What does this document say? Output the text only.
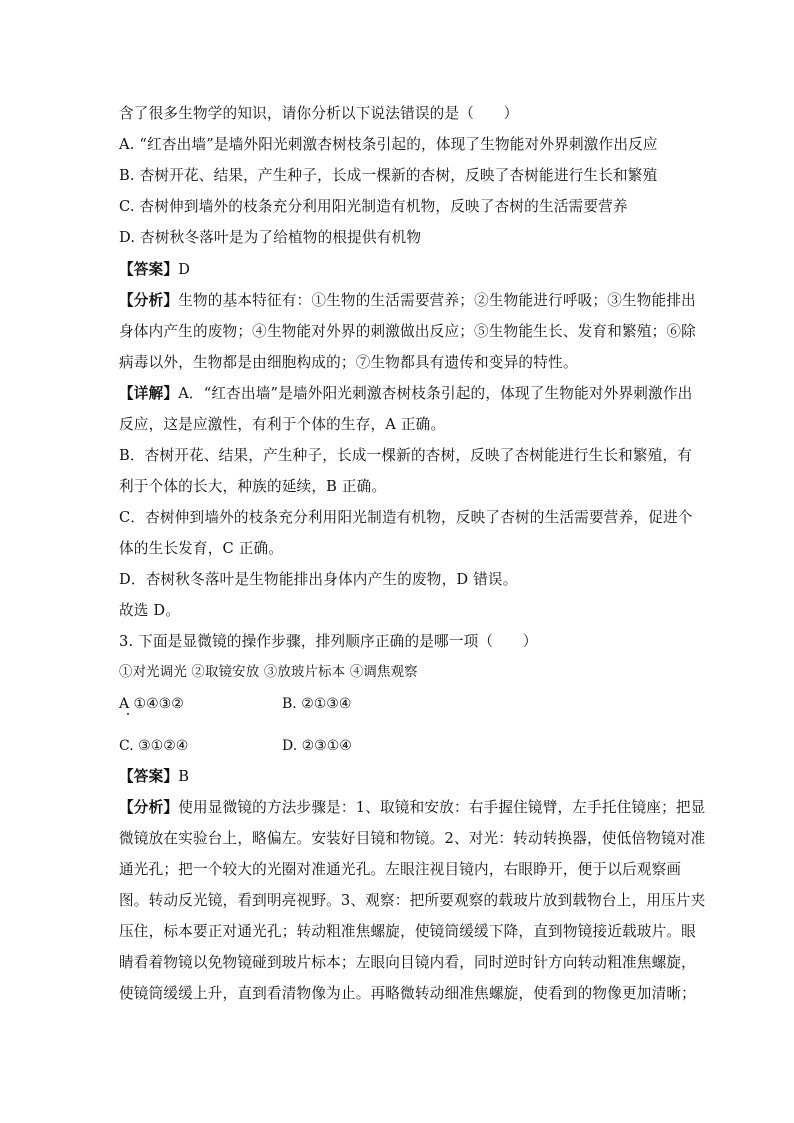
含了很多生物学的知识，请你分析以下说法错误的是（　　）
A. “红杏出墙”是墙外阳光刺激杏树枝条引起的，体现了生物能对外界刺激作出反应
B. 杏树开花、结果，产生种子，长成一棵新的杏树，反映了杏树能进行生长和繁殖
C. 杏树伸到墙外的枝条充分利用阳光制造有机物，反映了杏树的生活需要营养
D. 杏树秋冬落叶是为了给植物的根提供有机物
【答案】D
【分析】生物的基本特征有：①生物的生活需要营养；②生物能进行呼吸；③生物能排出
身体内产生的废物；④生物能对外界的刺激做出反应；⑤生物能生长、发育和繁殖；⑥除
病毒以外，生物都是由细胞构成的；⑦生物都具有遗传和变异的特性。
【详解】A．“红杏出墙”是墙外阳光刺激杏树枝条引起的，体现了生物能对外界刺激作出
反应，这是应激性，有利于个体的生存，A 正确。
B．杏树开花、结果，产生种子，长成一棵新的杏树，反映了杏树能进行生长和繁殖，有
利于个体的长大，种族的延续，B 正确。
C．杏树伸到墙外的枝条充分利用阳光制造有机物，反映了杏树的生活需要营养，促进个
体的生长发育，C 正确。
D．杏树秋冬落叶是生物能排出身体内产生的废物，D 错误。
故选 D。
3. 下面是显微镜的操作步骤，排列顺序正确的是哪一项（　　）
①对光调光 ②取镜安放 ③放玻片标本 ④调焦观察
A ①④③②	B. ②①③④
C. ③①②④	D. ②③①④
【答案】B
【分析】使用显微镜的方法步骤是：1、取镜和安放：右手握住镜臂，左手托住镜座；把显
微镜放在实验台上，略偏左。安装好目镜和物镜。2、对光：转动转换器，使低倍物镜对准
通光孔；把一个较大的光圈对准通光孔。左眼注视目镜内，右眼睁开，便于以后观察画
图。转动反光镜，看到明亮视野。3、观察：把所要观察的载玻片放到载物台上，用压片夹
压住，标本要正对通光孔；转动粗准焦螺旋，使镜筒缓缓下降，直到物镜接近载玻片。眼
睛看着物镜以免物镜碰到玻片标本；左眼向目镜内看，同时逆时针方向转动粗准焦螺旋，
使镜筒缓缓上升，直到看清物像为止。再略微转动细准焦螺旋，使看到的物像更加清晰；
